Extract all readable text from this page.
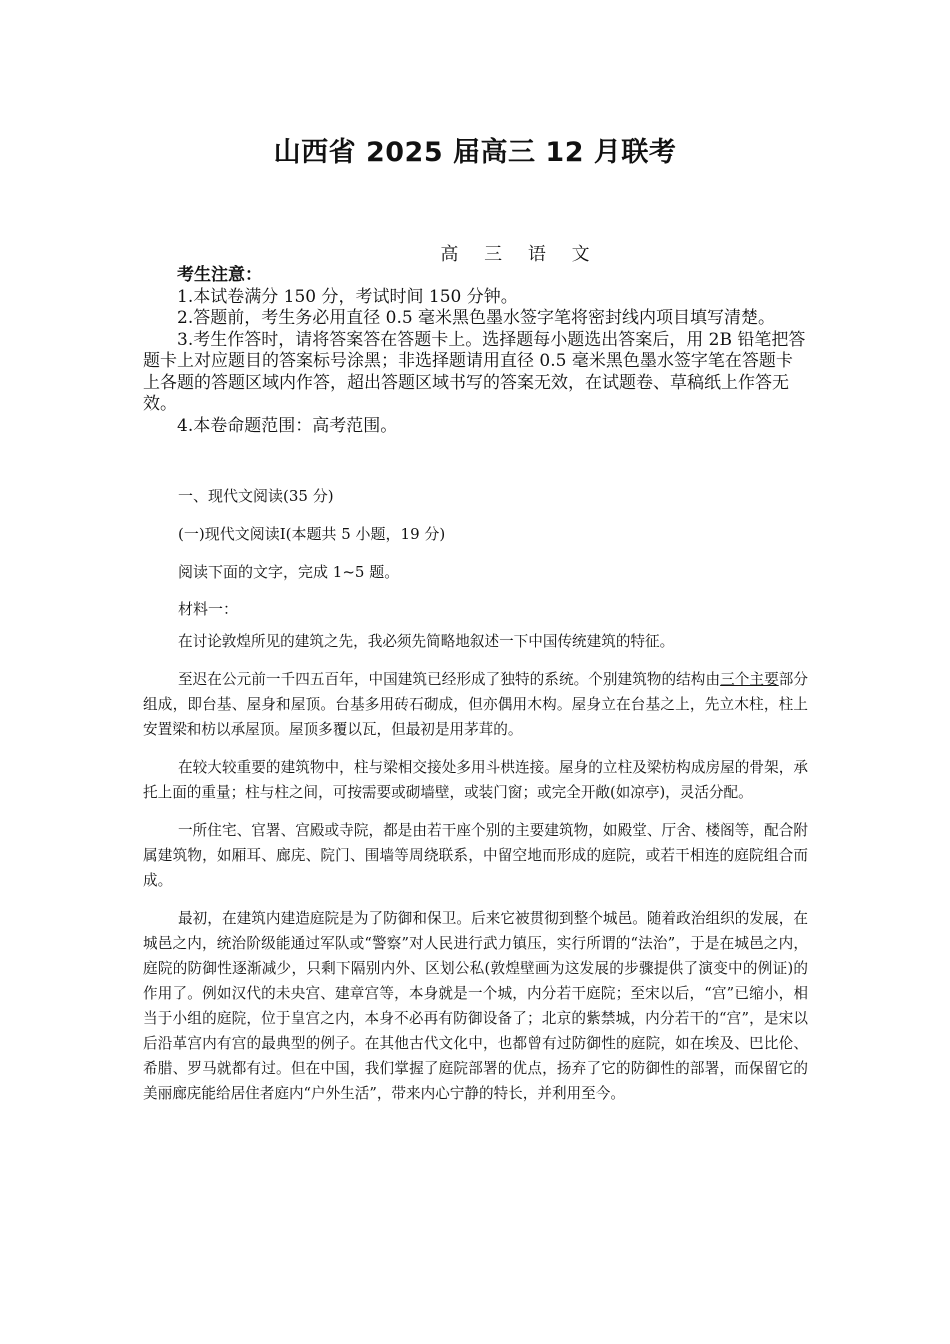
山西省 2025 届高三 12 月联考
高 三 语 文
考生注意：

1.本试卷满分 150 分，考试时间 150 分钟。

2.答题前，考生务必用直径 0.5 毫米黑色墨水签字笔将密封线内项目填写清楚。

3.考生作答时，请将答案答在答题卡上。选择题每小题选出答案后，用 2B 铅笔把答题卡上对应题目的答案标号涂黑；非选择题请用直径 0.5 毫米黑色墨水签字笔在答题卡上各题的答题区域内作答，超出答题区域书写的答案无效，在试题卷、草稿纸上作答无效。

4.本卷命题范围：高考范围。

一、现代文阅读(35 分)
(一)现代文阅读Ⅰ(本题共 5 小题，19 分)
阅读下面的文字，完成 1~5 题。
材料一：

在讨论敦煌所见的建筑之先，我必须先简略地叙述一下中国传统建筑的特征。

至迟在公元前一千四五百年，中国建筑已经形成了独特的系统。个别建筑物的结构由三个主要部分组成，即台基、屋身和屋顶。台基多用砖石砌成，但亦偶用木构。屋身立在台基之上，先立木柱，柱上安置梁和枋以承屋顶。屋顶多覆以瓦，但最初是用茅茸的。

在较大较重要的建筑物中，柱与梁相交接处多用斗栱连接。屋身的立柱及梁枋构成房屋的骨架，承托上面的重量；柱与柱之间，可按需要或砌墙壁，或装门窗；或完全开敞(如凉亭)，灵活分配。

一所住宅、官署、宫殿或寺院，都是由若干座个别的主要建筑物，如殿堂、厅舍、楼阁等，配合附属建筑物，如厢耳、廊庑、院门、围墙等周绕联系，中留空地而形成的庭院，或若干相连的庭院组合而成。

最初，在建筑内建造庭院是为了防御和保卫。后来它被贯彻到整个城邑。随着政治组织的发展，在城邑之内，统治阶级能通过军队或“警察”对人民进行武力镇压，实行所谓的“法治”，于是在城邑之内，庭院的防御性逐渐减少，只剩下隔别内外、区划公私(敦煌壁画为这发展的步骤提供了演变中的例证)的作用了。例如汉代的未央宫、建章宫等，本身就是一个城，内分若干庭院；至宋以后，“宫”已缩小，相当于小组的庭院，位于皇宫之内，本身不必再有防御设备了；北京的紫禁城，内分若干的“宫”，是宋以后沿革宫内有宫的最典型的例子。在其他古代文化中，也都曾有过防御性的庭院，如在埃及、巴比伦、希腊、罗马就都有过。但在中国，我们掌握了庭院部署的优点，扬弃了它的防御性的部署，而保留它的美丽廊庑能给居住者庭内“户外生活”，带来内心宁静的特长，并利用至今。
